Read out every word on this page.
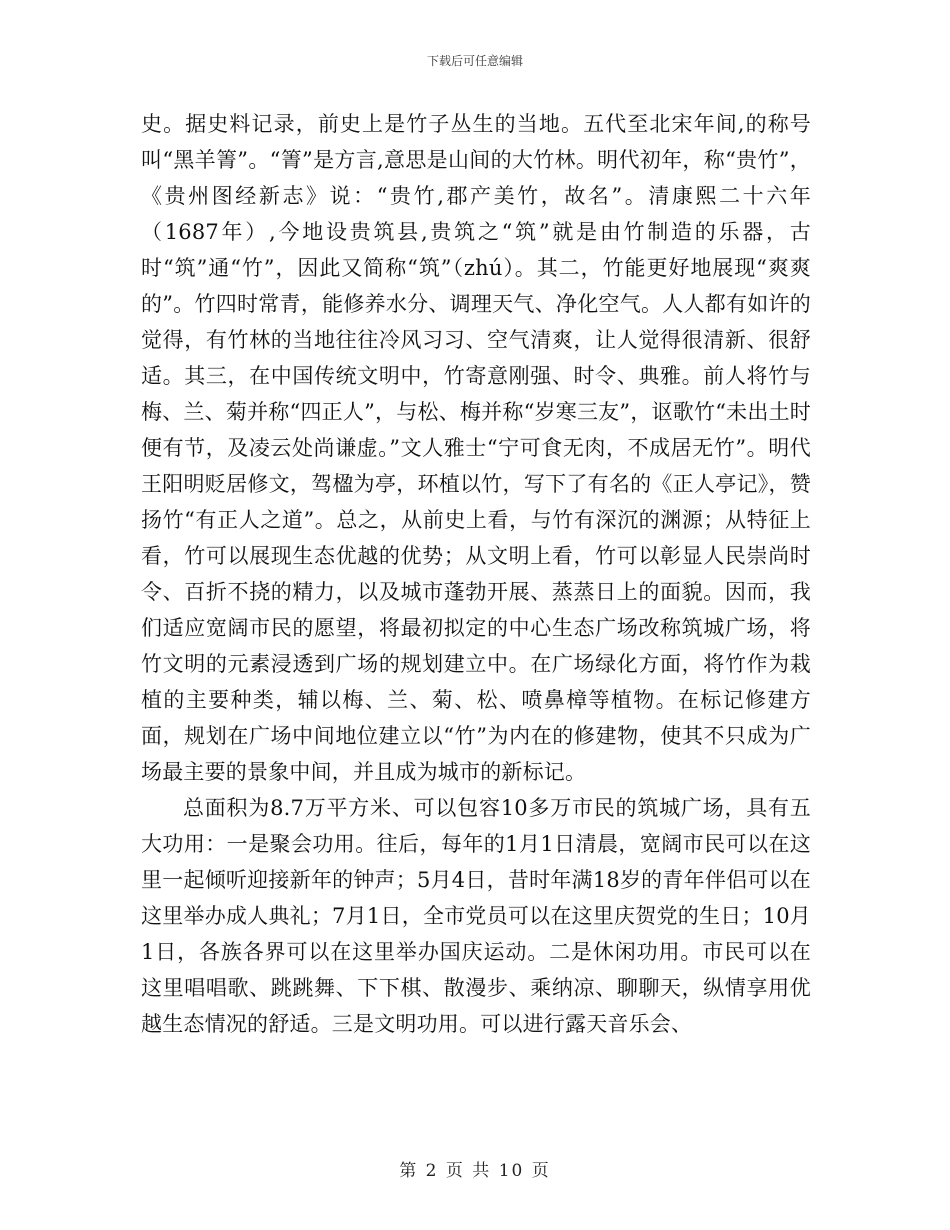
下载后可任意编辑

史。据史料记录，前史上是竹子丛生的当地。五代至北宋年间,的称号叫“黑羊箐”。“箐”是方言,意思是山间的大竹林。明代初年，称“贵竹”，《贵州图经新志》说：“贵竹,郡产美竹，故名”。清康熙二十六年（1687年）,今地设贵筑县,贵筑之“筑”就是由竹制造的乐器，古时“筑”通“竹”，因此又简称“筑”（zhú）。其二，竹能更好地展现“爽爽的”。竹四时常青，能修养水分、调理天气、净化空气。人人都有如许的觉得，有竹林的当地往往冷风习习、空气清爽，让人觉得很清新、很舒适。其三，在中国传统文明中，竹寄意刚强、时令、典雅。前人将竹与梅、兰、菊并称“四正人”，与松、梅并称“岁寒三友”，讴歌竹“未出土时便有节，及凌云处尚谦虚。”文人雅士“宁可食无肉，不成居无竹”。明代王阳明贬居修文，驾楹为亭，环植以竹，写下了有名的《正人亭记》，赞扬竹“有正人之道”。总之，从前史上看，与竹有深沉的渊源；从特征上看，竹可以展现生态优越的优势；从文明上看，竹可以彰显人民崇尚时令、百折不挠的精力，以及城市蓬勃开展、蒸蒸日上的面貌。因而，我们适应宽阔市民的愿望，将最初拟定的中心生态广场改称筑城广场，将竹文明的元素浸透到广场的规划建立中。在广场绿化方面，将竹作为栽植的主要种类，辅以梅、兰、菊、松、喷鼻樟等植物。在标记修建方面，规划在广场中间地位建立以“竹”为内在的修建物，使其不只成为广场最主要的景象中间，并且成为城市的新标记。

总面积为8.7万平方米、可以包容10多万市民的筑城广场，具有五大功用：一是聚会功用。往后，每年的1月1日清晨，宽阔市民可以在这里一起倾听迎接新年的钟声；5月4日，昔时年满18岁的青年伴侣可以在这里举办成人典礼；7月1日，全市党员可以在这里庆贺党的生日；10月1日，各族各界可以在这里举办国庆运动。二是休闲功用。市民可以在这里唱唱歌、跳跳舞、下下棋、散漫步、乘纳凉、聊聊天，纵情享用优越生态情况的舒适。三是文明功用。可以进行露天音乐会、

第 2 页 共 10 页
